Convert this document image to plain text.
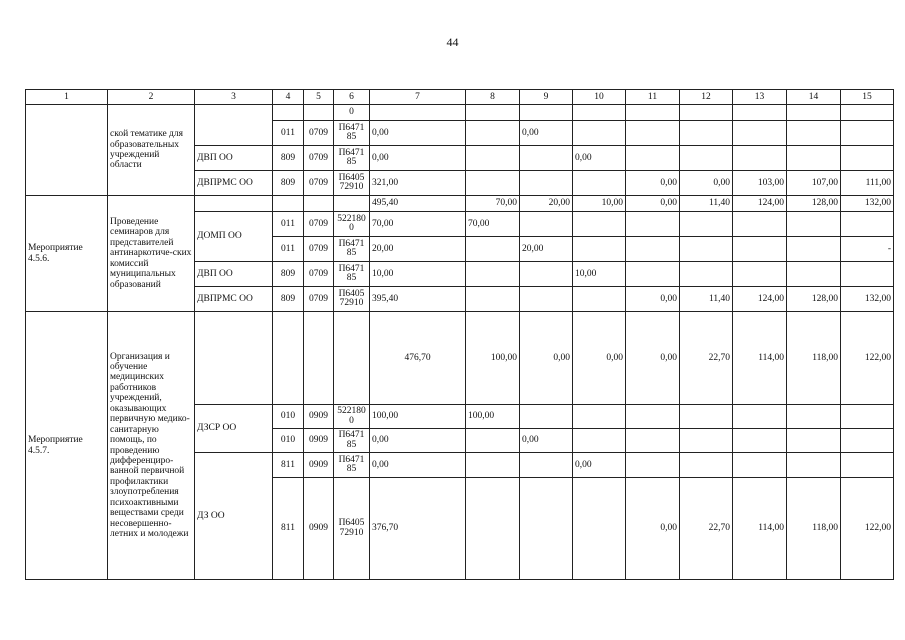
44
1	2	3	4	5	6	7	8	9	10	11	12	13	14	15
	ской тематике для образовательных учреждений области				0									
			011	0709	П6471 85	0,00		0,00						
		ДВП ОО	809	0709	П6471 85	0,00			0,00					
		ДВПРМС ОО	809	0709	П6405 72910	321,00				0,00	0,00	103,00	107,00	111,00
Мероприятие 4.5.6.	Проведение семинаров для представителей антинаркотиче-ских комиссий муниципальных образований					495,40	70,00	20,00	10,00	0,00	11,40	124,00	128,00	132,00
		ДОМП ОО	011	0709	522180 0	70,00	70,00							
			011	0709	П6471 85	20,00		20,00						-
		ДВП ОО	809	0709	П6471 85	10,00			10,00					
		ДВПРМС ОО	809	0709	П6405 72910	395,40				0,00	11,40	124,00	128,00	132,00
Мероприятие 4.5.7.	Организация и обучение медицинских работников учреждений, оказывающих первичную медико-санитарную помощь, по проведению дифференциро-ванной первичной профилактики злоупотребления психоактивными веществами среди несовершенно-летних и молодежи					476,70	100,00	0,00	0,00	0,00	22,70	114,00	118,00	122,00
		ДЗСР ОО	010	0909	522180 0	100,00	100,00							
			010	0909	П6471 85	0,00		0,00						
		ДЗ ОО	811	0909	П6471 85	0,00			0,00					
			811	0909	П6405 72910	376,70				0,00	22,70	114,00	118,00	122,00
